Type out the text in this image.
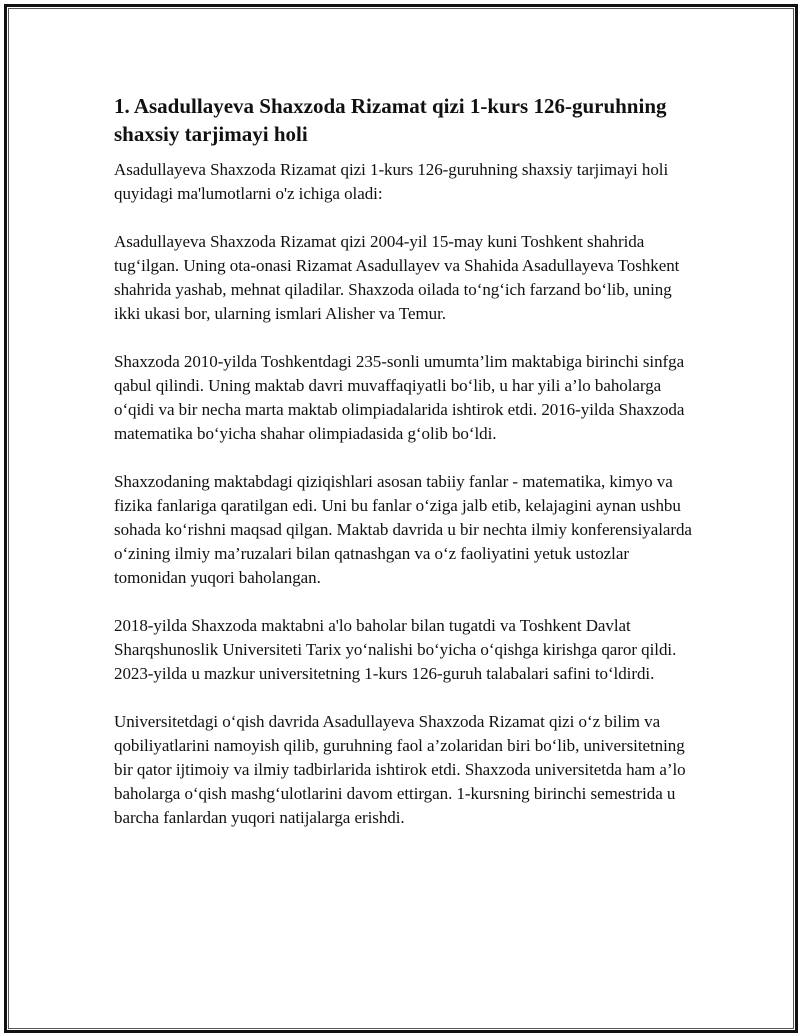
1. Asadullayeva Shaxzoda Rizamat qizi 1-kurs 126-guruhning shaxsiy tarjimayi holi

Asadullayeva Shaxzoda Rizamat qizi 1-kurs 126-guruhning shaxsiy tarjimayi holi quyidagi ma'lumotlarni o'z ichiga oladi:

Asadullayeva Shaxzoda Rizamat qizi 2004-yil 15-may kuni Toshkent shahrida tug‘ilgan. Uning ota-onasi Rizamat Asadullayev va Shahida Asadullayeva Toshkent shahrida yashab, mehnat qiladilar. Shaxzoda oilada to‘ng‘ich farzand bo‘lib, uning ikki ukasi bor, ularning ismlari Alisher va Temur.

Shaxzoda 2010-yilda Toshkentdagi 235-sonli umumta’lim maktabiga birinchi sinfga qabul qilindi. Uning maktab davri muvaffaqiyatli bo‘lib, u har yili a’lo baholarga o‘qidi va bir necha marta maktab olimpiadalarida ishtirok etdi. 2016-yilda Shaxzoda matematika bo‘yicha shahar olimpiadasida g‘olib bo‘ldi.

Shaxzodaning maktabdagi qiziqishlari asosan tabiiy fanlar - matematika, kimyo va fizika fanlariga qaratilgan edi. Uni bu fanlar o‘ziga jalb etib, kelajagini aynan ushbu sohada ko‘rishni maqsad qilgan. Maktab davrida u bir nechta ilmiy konferensiyalarda o‘zining ilmiy ma’ruzalari bilan qatnashgan va o‘z faoliyatini yetuk ustozlar tomonidan yuqori baholangan.

2018-yilda Shaxzoda maktabni a'lo baholar bilan tugatdi va Toshkent Davlat Sharqshunoslik Universiteti Tarix yo‘nalishi bo‘yicha o‘qishga kirishga qaror qildi. 2023-yilda u mazkur universitetning 1-kurs 126-guruh talabalari safini to‘ldirdi.

Universitetdagi o‘qish davrida Asadullayeva Shaxzoda Rizamat qizi o‘z bilim va qobiliyatlarini namoyish qilib, guruhning faol a’zolaridan biri bo‘lib, universitetning bir qator ijtimoiy va ilmiy tadbirlarida ishtirok etdi. Shaxzoda universitetda ham a’lo baholarga o‘qish mashg‘ulotlarini davom ettirgan. 1-kursning birinchi semestrida u barcha fanlardan yuqori natijalarga erishdi.
